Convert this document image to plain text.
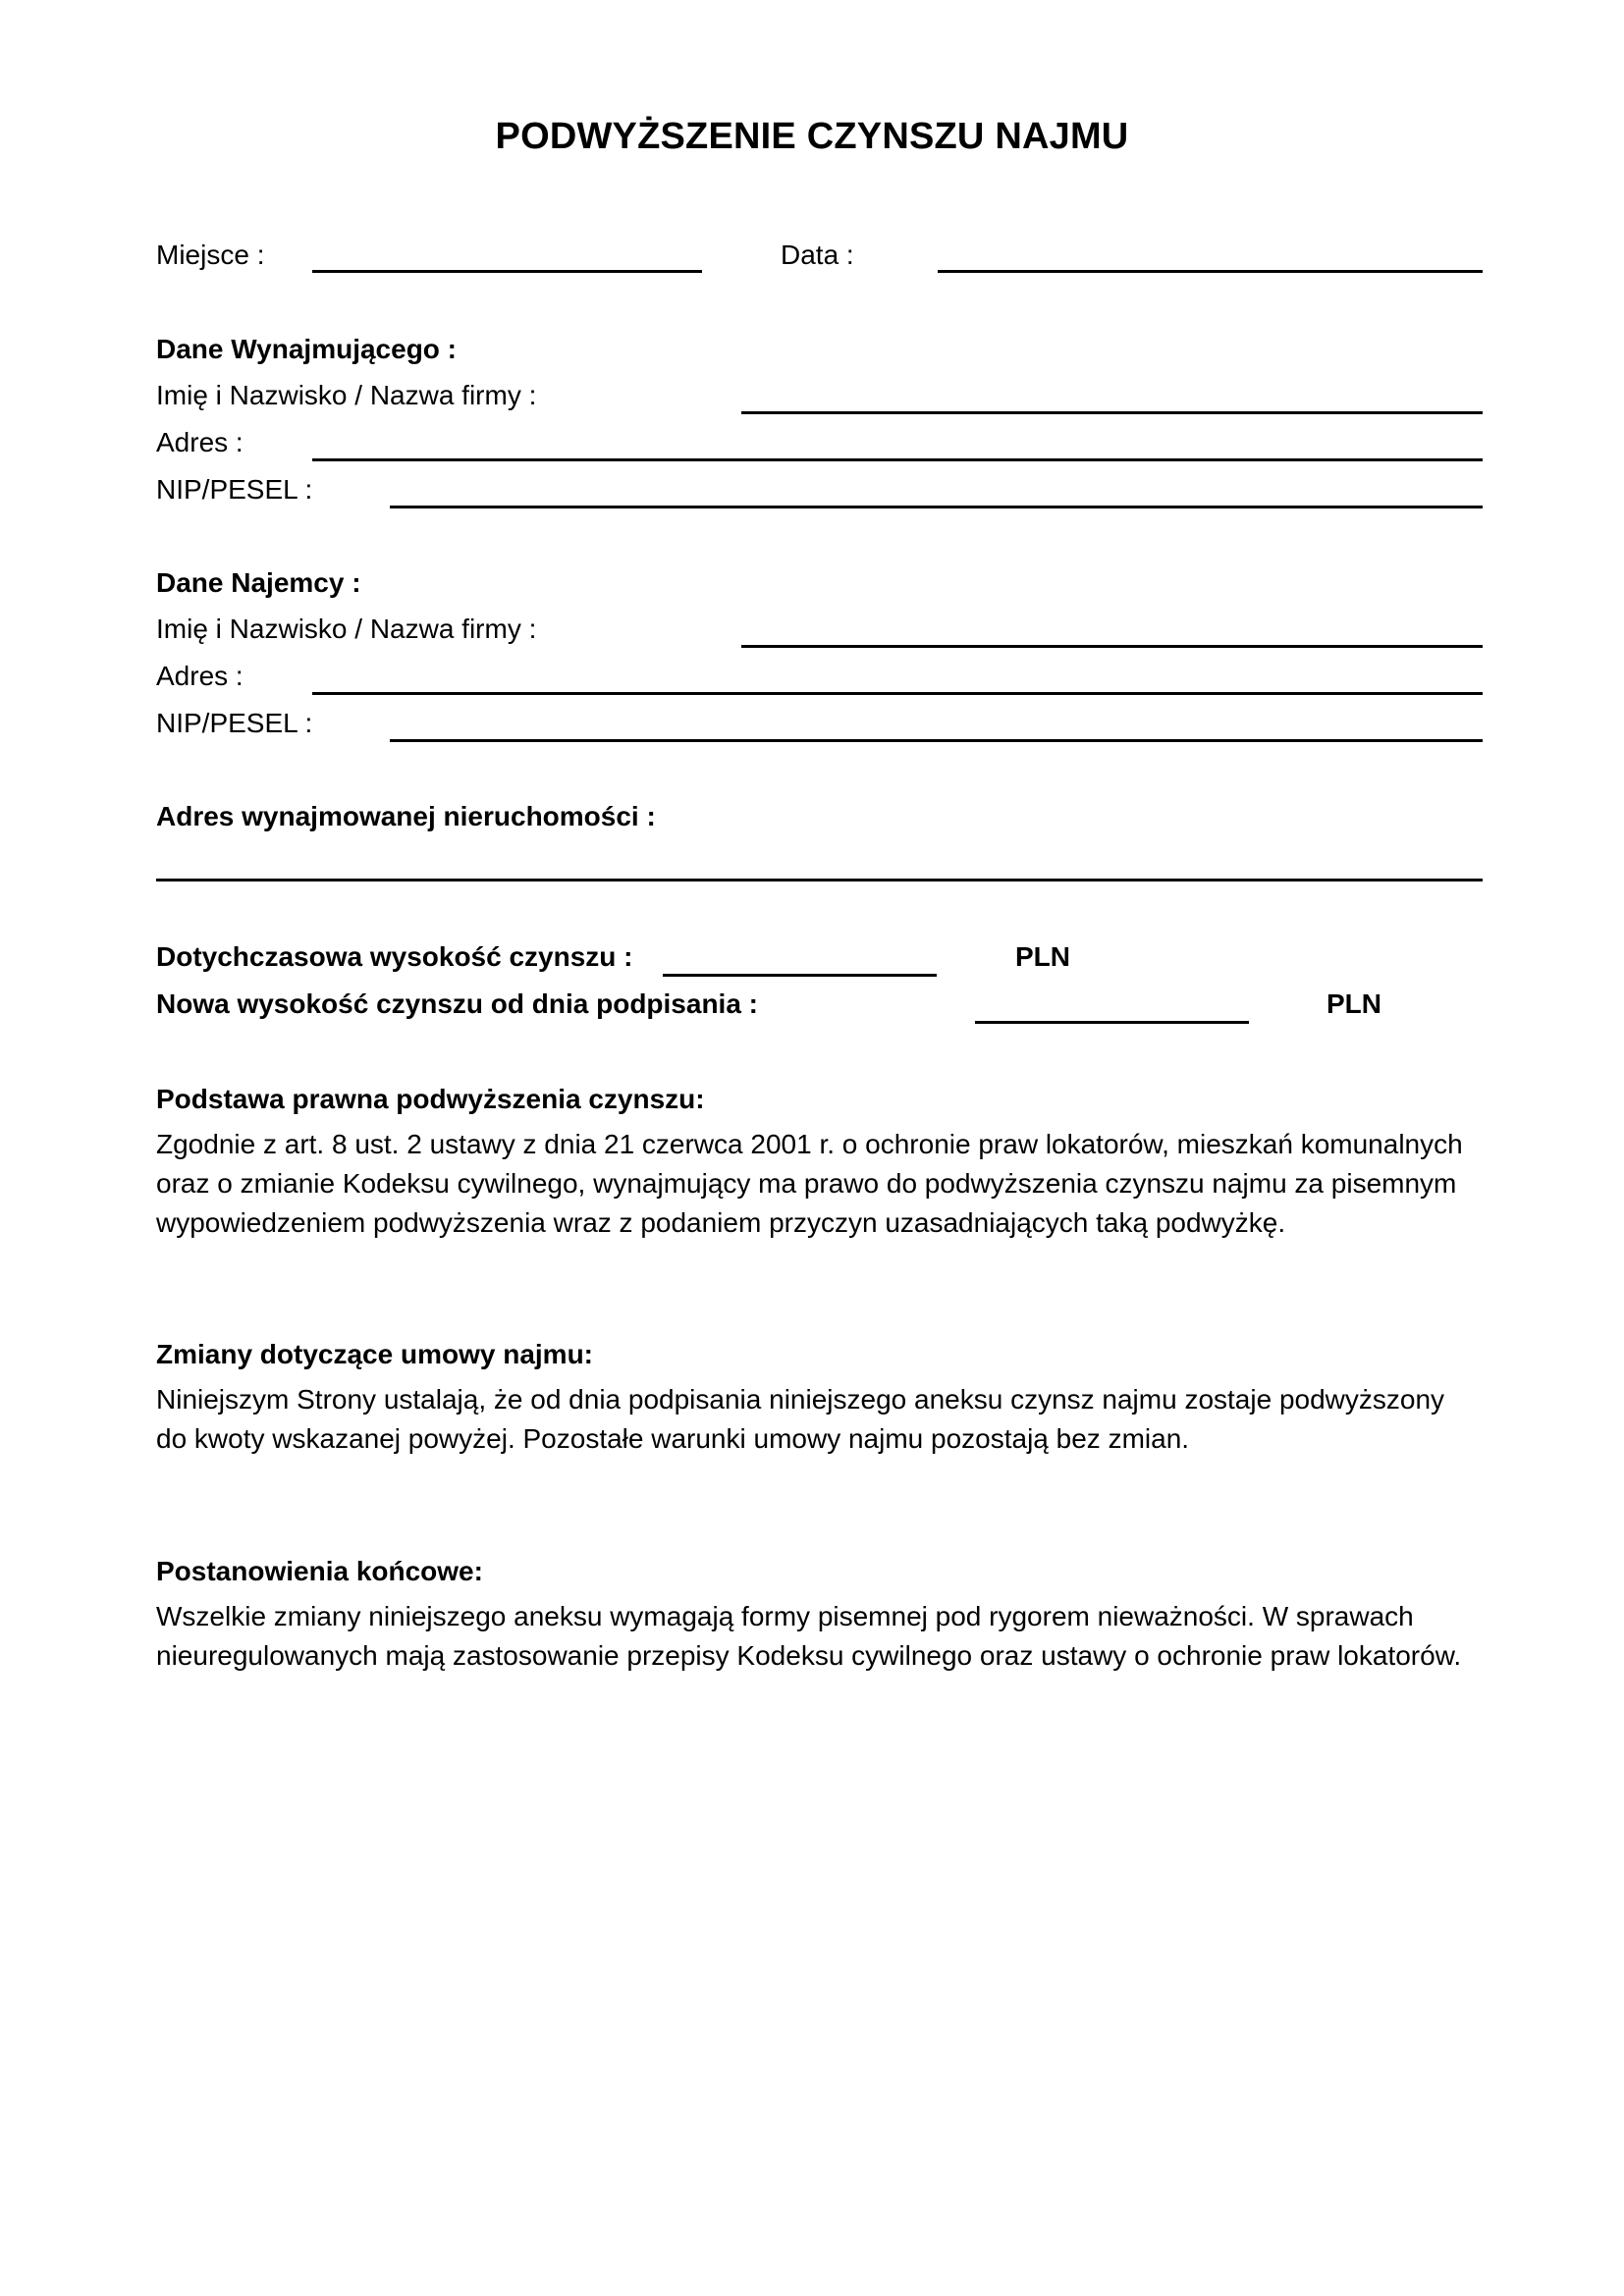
PODWYŻSZENIE CZYNSZU NAJMU
Miejsce :	Data :
Dane Wynajmującego :
Imię i Nazwisko / Nazwa firmy :
Adres :
NIP/PESEL :
Dane Najemcy :
Imię i Nazwisko / Nazwa firmy :
Adres :
NIP/PESEL :
Adres wynajmowanej nieruchomości :
Dotychczasowa wysokość czynszu :	PLN
Nowa wysokość czynszu od dnia podpisania :	PLN
Podstawa prawna podwyższenia czynszu:
Zgodnie z art. 8 ust. 2 ustawy z dnia 21 czerwca 2001 r. o ochronie praw lokatorów, mieszkań komunalnych
oraz o zmianie Kodeksu cywilnego, wynajmujący ma prawo do podwyższenia czynszu najmu za pisemnym
wypowiedzeniem podwyższenia wraz z podaniem przyczyn uzasadniających taką podwyżkę.
Zmiany dotyczące umowy najmu:
Niniejszym Strony ustalają, że od dnia podpisania niniejszego aneksu czynsz najmu zostaje podwyższony
do kwoty wskazanej powyżej. Pozostałe warunki umowy najmu pozostają bez zmian.
Postanowienia końcowe:
Wszelkie zmiany niniejszego aneksu wymagają formy pisemnej pod rygorem nieważności. W sprawach
nieuregulowanych mają zastosowanie przepisy Kodeksu cywilnego oraz ustawy o ochronie praw lokatorów.
